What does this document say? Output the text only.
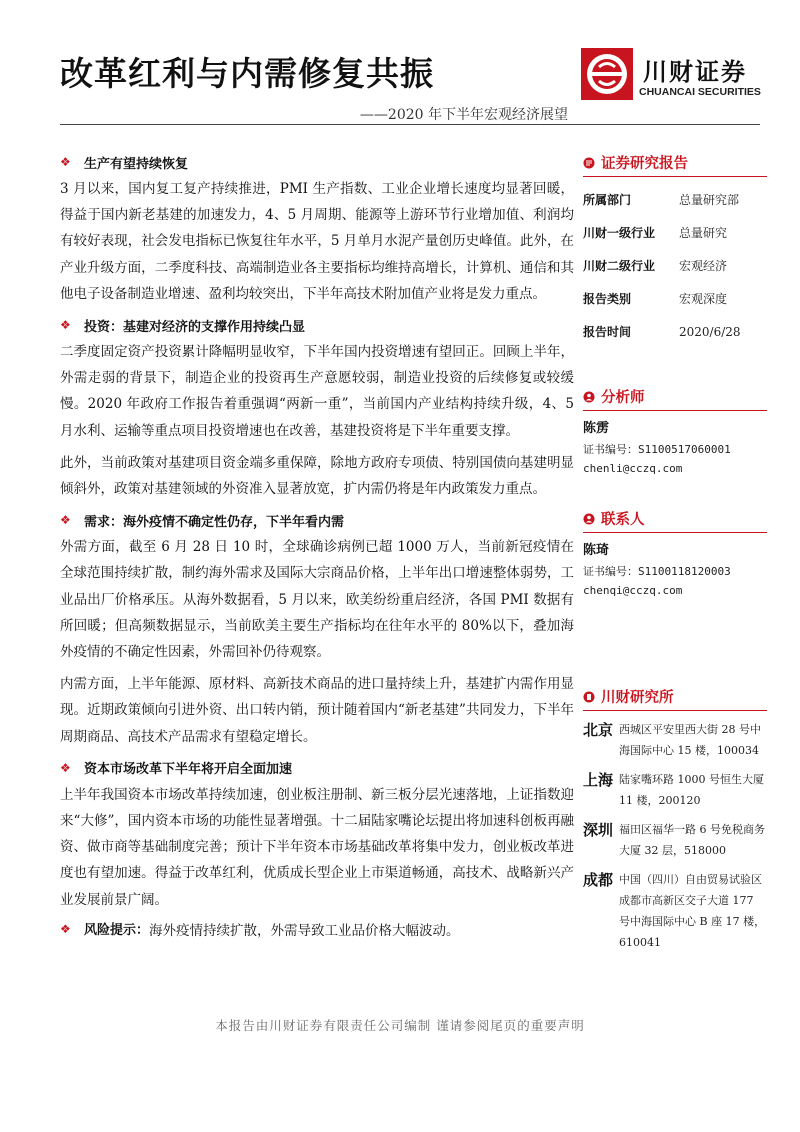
改革红利与内需修复共振
——2020 年下半年宏观经济展望
川财证券
CHUANCAI SECURITIES
❖ 生产有望持续恢复

3 月以来，国内复工复产持续推进，PMI 生产指数、工业企业增长速度均显著回暖，得益于国内新老基建的加速发力，4、5 月周期、能源等上游环节行业增加值、利润均有较好表现，社会发电指标已恢复往年水平，5 月单月水泥产量创历史峰值。此外，在产业升级方面，二季度科技、高端制造业各主要指标均维持高增长，计算机、通信和其他电子设备制造业增速、盈利均较突出，下半年高技术附加值产业将是发力重点。

❖ 投资：基建对经济的支撑作用持续凸显

二季度固定资产投资累计降幅明显收窄，下半年国内投资增速有望回正。回顾上半年，外需走弱的背景下，制造企业的投资再生产意愿较弱，制造业投资的后续修复或较缓慢。2020 年政府工作报告着重强调“两新一重”，当前国内产业结构持续升级，4、5 月水利、运输等重点项目投资增速也在改善，基建投资将是下半年重要支撑。

此外，当前政策对基建项目资金端多重保障，除地方政府专项债、特别国债向基建明显倾斜外，政策对基建领域的外资准入显著放宽，扩内需仍将是年内政策发力重点。

❖ 需求：海外疫情不确定性仍存，下半年看内需

外需方面，截至 6 月 28 日 10 时，全球确诊病例已超 1000 万人，当前新冠疫情在全球范围持续扩散，制约海外需求及国际大宗商品价格，上半年出口增速整体弱势，工业品出厂价格承压。从海外数据看，5 月以来，欧美纷纷重启经济，各国 PMI 数据有所回暖；但高频数据显示，当前欧美主要生产指标均在往年水平的 80%以下，叠加海外疫情的不确定性因素，外需回补仍待观察。

内需方面，上半年能源、原材料、高新技术商品的进口量持续上升，基建扩内需作用显现。近期政策倾向引进外资、出口转内销，预计随着国内“新老基建”共同发力，下半年周期商品、高技术产品需求有望稳定增长。

❖ 资本市场改革下半年将开启全面加速

上半年我国资本市场改革持续加速，创业板注册制、新三板分层光速落地，上证指数迎来“大修”，国内资本市场的功能性显著增强。十二届陆家嘴论坛提出将加速科创板再融资、做市商等基础制度完善；预计下半年资本市场基础改革将集中发力，创业板改革进度也有望加速。得益于改革红利，优质成长型企业上市渠道畅通，高技术、战略新兴产业发展前景广阔。

❖ 风险提示： 海外疫情持续扩散，外需导致工业品价格大幅波动。
证券研究报告
所属部门	总量研究部
川财一级行业	总量研究
川财二级行业	宏观经济
报告类别	宏观深度
报告时间	2020/6/28
分析师
陈雳
证书编号：S1100517060001
chenli@cczq.com
联系人
陈琦
证书编号：S1100118120003
chenqi@cczq.com
川财研究所
北京 西城区平安里西大街 28 号中海国际中心 15 楼，100034
上海 陆家嘴环路 1000 号恒生大厦 11 楼，200120
深圳 福田区福华一路 6 号免税商务大厦 32 层，518000
成都 中国（四川）自由贸易试验区成都市高新区交子大道 177 号中海国际中心 B 座 17 楼，610041
本报告由川财证券有限责任公司编制 谨请参阅尾页的重要声明
